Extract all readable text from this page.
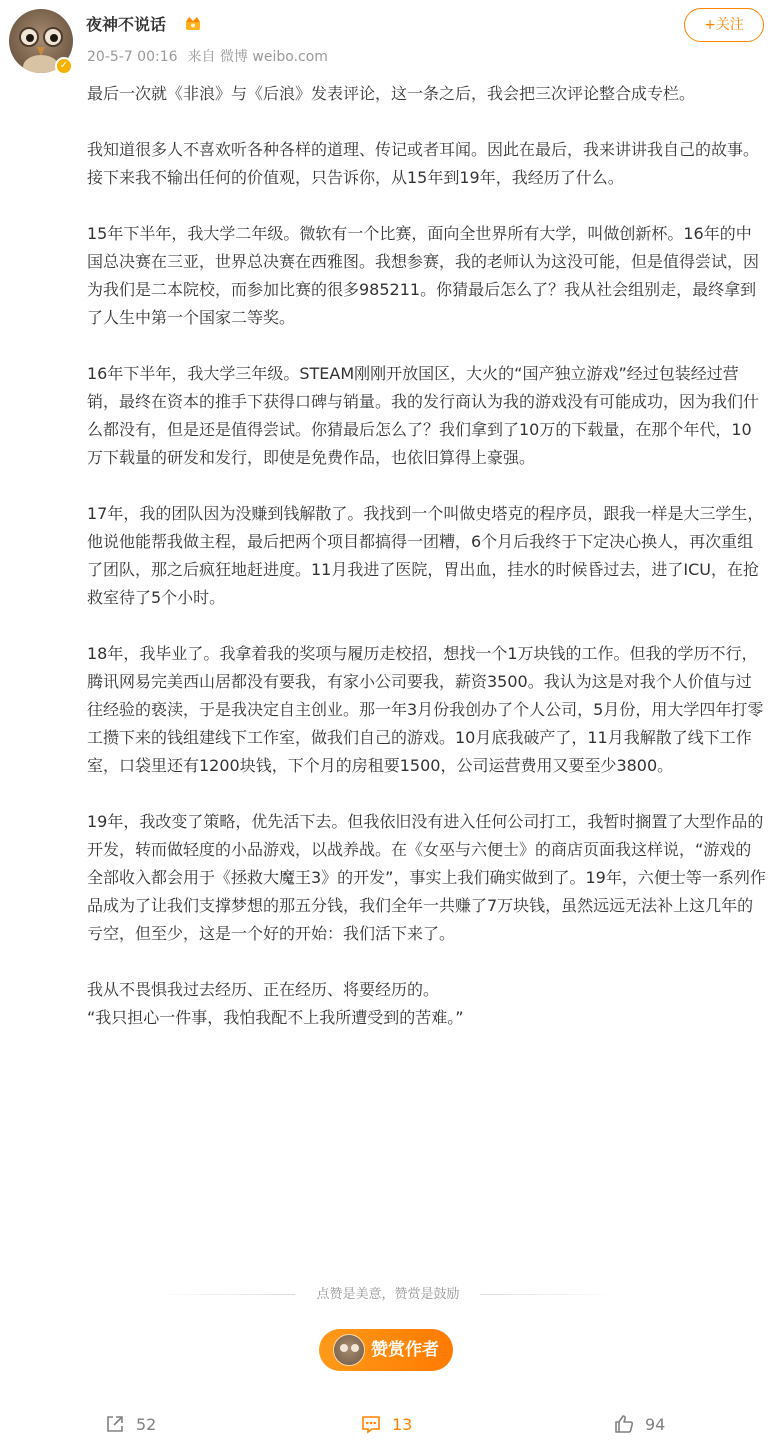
✓
夜神不说话
20-5-7 00:16 来自 微博 weibo.com
+关注

最后一次就《非浪》与《后浪》发表评论，这一条之后，我会把三次评论整合成专栏。

我知道很多人不喜欢听各种各样的道理、传记或者耳闻。因此在最后，我来讲讲我自己的故事。接下来我不输出任何的价值观，只告诉你，从15年到19年，我经历了什么。

15年下半年，我大学二年级。微软有一个比赛，面向全世界所有大学，叫做创新杯。16年的中国总决赛在三亚，世界总决赛在西雅图。我想参赛，我的老师认为这没可能，但是值得尝试，因为我们是二本院校，而参加比赛的很多985211。你猜最后怎么了？我从社会组别走，最终拿到了人生中第一个国家二等奖。

16年下半年，我大学三年级。STEAM刚刚开放国区，大火的“国产独立游戏”经过包装经过营销，最终在资本的推手下获得口碑与销量。我的发行商认为我的游戏没有可能成功，因为我们什么都没有，但是还是值得尝试。你猜最后怎么了？我们拿到了10万的下载量，在那个年代，10万下载量的研发和发行，即使是免费作品，也依旧算得上豪强。

17年，我的团队因为没赚到钱解散了。我找到一个叫做史塔克的程序员，跟我一样是大三学生，他说他能帮我做主程，最后把两个项目都搞得一团糟，6个月后我终于下定决心换人，再次重组了团队，那之后疯狂地赶进度。11月我进了医院，胃出血，挂水的时候昏过去，进了ICU，在抢救室待了5个小时。

18年，我毕业了。我拿着我的奖项与履历走校招，想找一个1万块钱的工作。但我的学历不行，腾讯网易完美西山居都没有要我，有家小公司要我，薪资3500。我认为这是对我个人价值与过往经验的亵渎，于是我决定自主创业。那一年3月份我创办了个人公司，5月份，用大学四年打零工攒下来的钱组建线下工作室，做我们自己的游戏。10月底我破产了，11月我解散了线下工作室，口袋里还有1200块钱，下个月的房租要1500，公司运营费用又要至少3800。

19年，我改变了策略，优先活下去。但我依旧没有进入任何公司打工，我暂时搁置了大型作品的开发，转而做轻度的小品游戏，以战养战。在《女巫与六便士》的商店页面我这样说，“游戏的全部收入都会用于《拯救大魔王3》的开发”，事实上我们确实做到了。19年，六便士等一系列作品成为了让我们支撑梦想的那五分钱，我们全年一共赚了7万块钱，虽然远远无法补上这几年的亏空，但至少，这是一个好的开始：我们活下来了。

我从不畏惧我过去经历、正在经历、将要经历的。

“我只担心一件事，我怕我配不上我所遭受到的苦难。”

点赞是美意，赞赏是鼓励
赞赏作者
52	13	94
